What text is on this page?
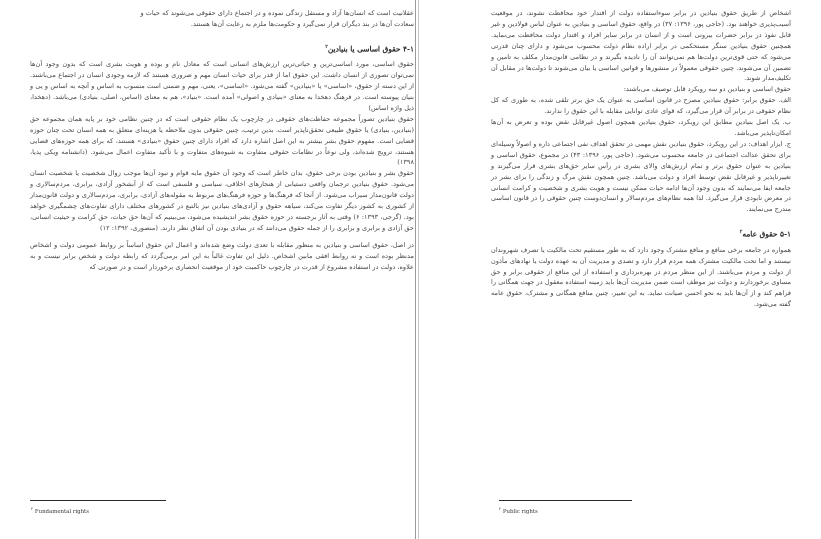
عقلانیت است که انسان‌ها آزاد و مستقل زندگی نموده و در اجتماع دارای حقوقی می‌شوند که حیات و

سعادت آن‌ها در بند دیگران قرار نمی‌گیرد و حکومت‌ها ملزم به رعایت آن‌ها هستند.

۴-۱ حقوق اساسی یا بنیادین$^۲$

حقوق اساسی، مورد اساسی‌ترین و حیاتی‌ترین ارزش‌های انسانی است که معادل نام و بوده و هویت بشری است که بدون وجود آن‌ها نمی‌توان تصوری از انسان داشت. این حقوق اما از قدر برای حیات انسان مهم و ضروری هستند که لازمه وجودی انسان در اجتماع می‌باشند. از این دسته از حقوق، «اساسی» یا «بنیادین» گفته می‌شود. «اساسی»، یعنی، مهم و ضمنی است منسوب به اساس و آنچه به اساس و پی و بنیان پیوسته است. در فرهنگ دهخدا به معنای «بنیادی و اصولی» آمده است. «بنیاد»، هم به معنای (اساس، اصلی، بنیادی) می‌باشد. (دهخدا، ذیل واژه اساس)

حقوق بنیادین تصوراً مجموعه حفاظت‌های حقوقی در چارچوب یک نظام حقوقی است که در چنین نظامی خود بر پایه همان مجموعه حق‌ (بنیادین، بنیادی) یا حقوق طبیعی تحقق‌ناپذیر است. بدین ترتیب، چنین حقوقی بدون ملاحظه یا هزینه‌ای متعلق به همه انسان تحت چنان حوزه قضایی است. مفهوم حقوق بشر بیشتر به این اصل اشاره دارد که افراد دارای چنین حقوق «بنیادی» هستند، که برای همه حوزه‌های قضایی هستند، ترویج شده‌اند، ولی نوعاً در نظامات حقوقی متفاوت به شیوه‌های متفاوت و با تأکید متفاوت اعمال می‌شود. (دانشنامه ویکی پدیا، ۱۳۹۸)

حقوق بشر و بنیادین بودن برخی حقوق، بدان خاطر است که وجود آن حقوق مایه قوام و نبود آن‌ها موجب زوال شخصیت یا شخصیت انسان می‌شود. حقوق بنیادین ترجمان واقعی دستیابی از هنجارهای اخلاقی، سیاسی و فلسفی است که از آبشخور آزادی، برابری، مردم‌سالاری و دولت قانون‌مدار سیراب می‌شود. از آنجا که فرهنگ‌ها و حوزه فرهنگ‌های مربوط به مقوله‌های آزادی، برابری، مردم‌سالاری و دولت قانون‌مدار از کشوری به کشور دیگر تفاوت می‌کند، سیاهه حقوق و آزادی‌های بنیادین نیز بالتبع در کشورهای مختلف دارای تفاوت‌های چشمگیری خواهد بود. (گرجی، ۱۳۹۳: ۶) وقتی به آثار برجسته در حوزه حقوق بشر اندیشیده می‌شود، می‌بینیم که آن‌ها حق حیات، حق کرامت و حیثیت انسانی، حق آزادی و برابری و برابری را از جمله حقوق می‌دانند که در بنیادی بودن آن اتفاق نظر دارند. (منصوری، ۱۳۹۲: ۱۲)

در اصل، حقوق اساسی و بنیادین به منظور مقابله با تعدی دولت وضع شده‌اند و اعمال این حقوق اساساً بر روابط عمومی دولت و اشخاص مدنظر بوده است و نه روابط افقی مابین اشخاص. دلیل این تفاوت غالباً به این امر برمی‌گردد که رابطه دولت و شخص برابر نیست و به علاوه، دولت در استفاده مشروع از قدرت در چارچوب حاکمیت خود از موقعیت انحصاری برخوردار است و در صورتی که

$^۲$ Fundamental rights

اشخاص از طریق حقوق بنیادین در برابر سوءاستفاده دولت از اقتدار خود محافظت نشوند، در موقعیت آسیب‌پذیری خواهند بود. (حاجی پور، ۱۳۹۶: ۳۷) در واقع، حقوق اساسی و بنیادین به عنوان لباس فولادین و غیر قابل نفوذ در برابر حضرات بیرونی است و از انسان در برابر سایر افراد و اقتدار دولت محافظت می‌نماید. همچنین حقوق بنیادین سنگر مستحکمی در برابر اراده نظام دولت محسوب می‌شود و دارای چنان قدرتی می‌شود که حتی قوی‌ترین دولت‌ها هم نمی‌توانند آن را نادیده بگیرند و در نظامی قانون‌مدار مکلف به تامین و تضمین آن می‌شوند. چنین حقوقی معمولاً در منشورها و قوانین اساسی یا بیان می‌شوند تا دولت‌ها در مقابل آن تکلیف‌مدار شوند.

حقوق اساسی و بنیادین دو سه رویکرد قابل توصیف می‌باشند:

الف. حقوق برابر: حقوق بنیادین مصرح در قانون اساسی به عنوان یک حق برتر تلقی شده، به طوری که کل نظام حقوقی در برابر آن قرار می‌گیرد، که قوای عادی توانایی مقابله با این حقوق را ندارند.

ب. یک اصل بنیادین مطابق این رویکرد، حقوق بنیادین همچون اصول غیرقابل نقض بوده و تعرض به آن‌ها امکان‌ناپذیر می‌باشد.

ج. ابزار اهداف: در این رویکرد، حقوق بنیادین نقش مهمی در تحقق اهداف نفی اجتماعی داره و اصولاً وسیله‌ای برای تحقق عدالت اجتماعی در جامعه محسوب می‌شود. (حاجی پور، ۱۳۹۶: ۴۳) در مجموع، حقوق اساسی و بنیادین به عنوان حقوق برتر و تمام ارزش‌های والای بشری در رأس سایر حق‌های بشری قرار می‌گیرند و تغییرناپذیر و غیرقابل نقض توسط افراد و دولت می‌باشد. چنین همچون نقش مرگ و زندگی را برای بشر در جامعه ایفا می‌نمایند که بدون وجود آن‌ها ادامه حیات ممکن نیست و هویت بشری و شخصیت و کرامت انسانی در معرض نابودی قرار می‌گیرد. لذا همه نظام‌های مردم‌سالار و انسان‌دوست چنین حقوقی را در قانون اساسی مندرج می‌نمایند.

۵-۱ حقوق عامه$^۲$

همواره در جامعه برخی منافع و منافع مشترک وجود دارد که به طور مستقیم تحت مالکیت یا تصرف شهروندان نیستند و اما تحت مالکیت مشترک همه مردم قرار دارد و تصدی و مدیریت آن به عهده دولت یا نهادهای مأذون از دولت و مردم می‌باشند. از این منظر مردم در بهره‌برداری و استفاده از این منافع از حقوقی برابر و حق مساوی برخوردارند و دولت نیز موظف است ضمن مدیریت آن‌ها باید زمینه استفاده معقول در جهت همگانی را فراهم کند و از آن‌ها باید به نحو احسن صیانت نماید. به این تعبیر، چنین منافع همگانی و مشترک، حقوق عامه گفته می‌شود.

$^۲$ Public rights
